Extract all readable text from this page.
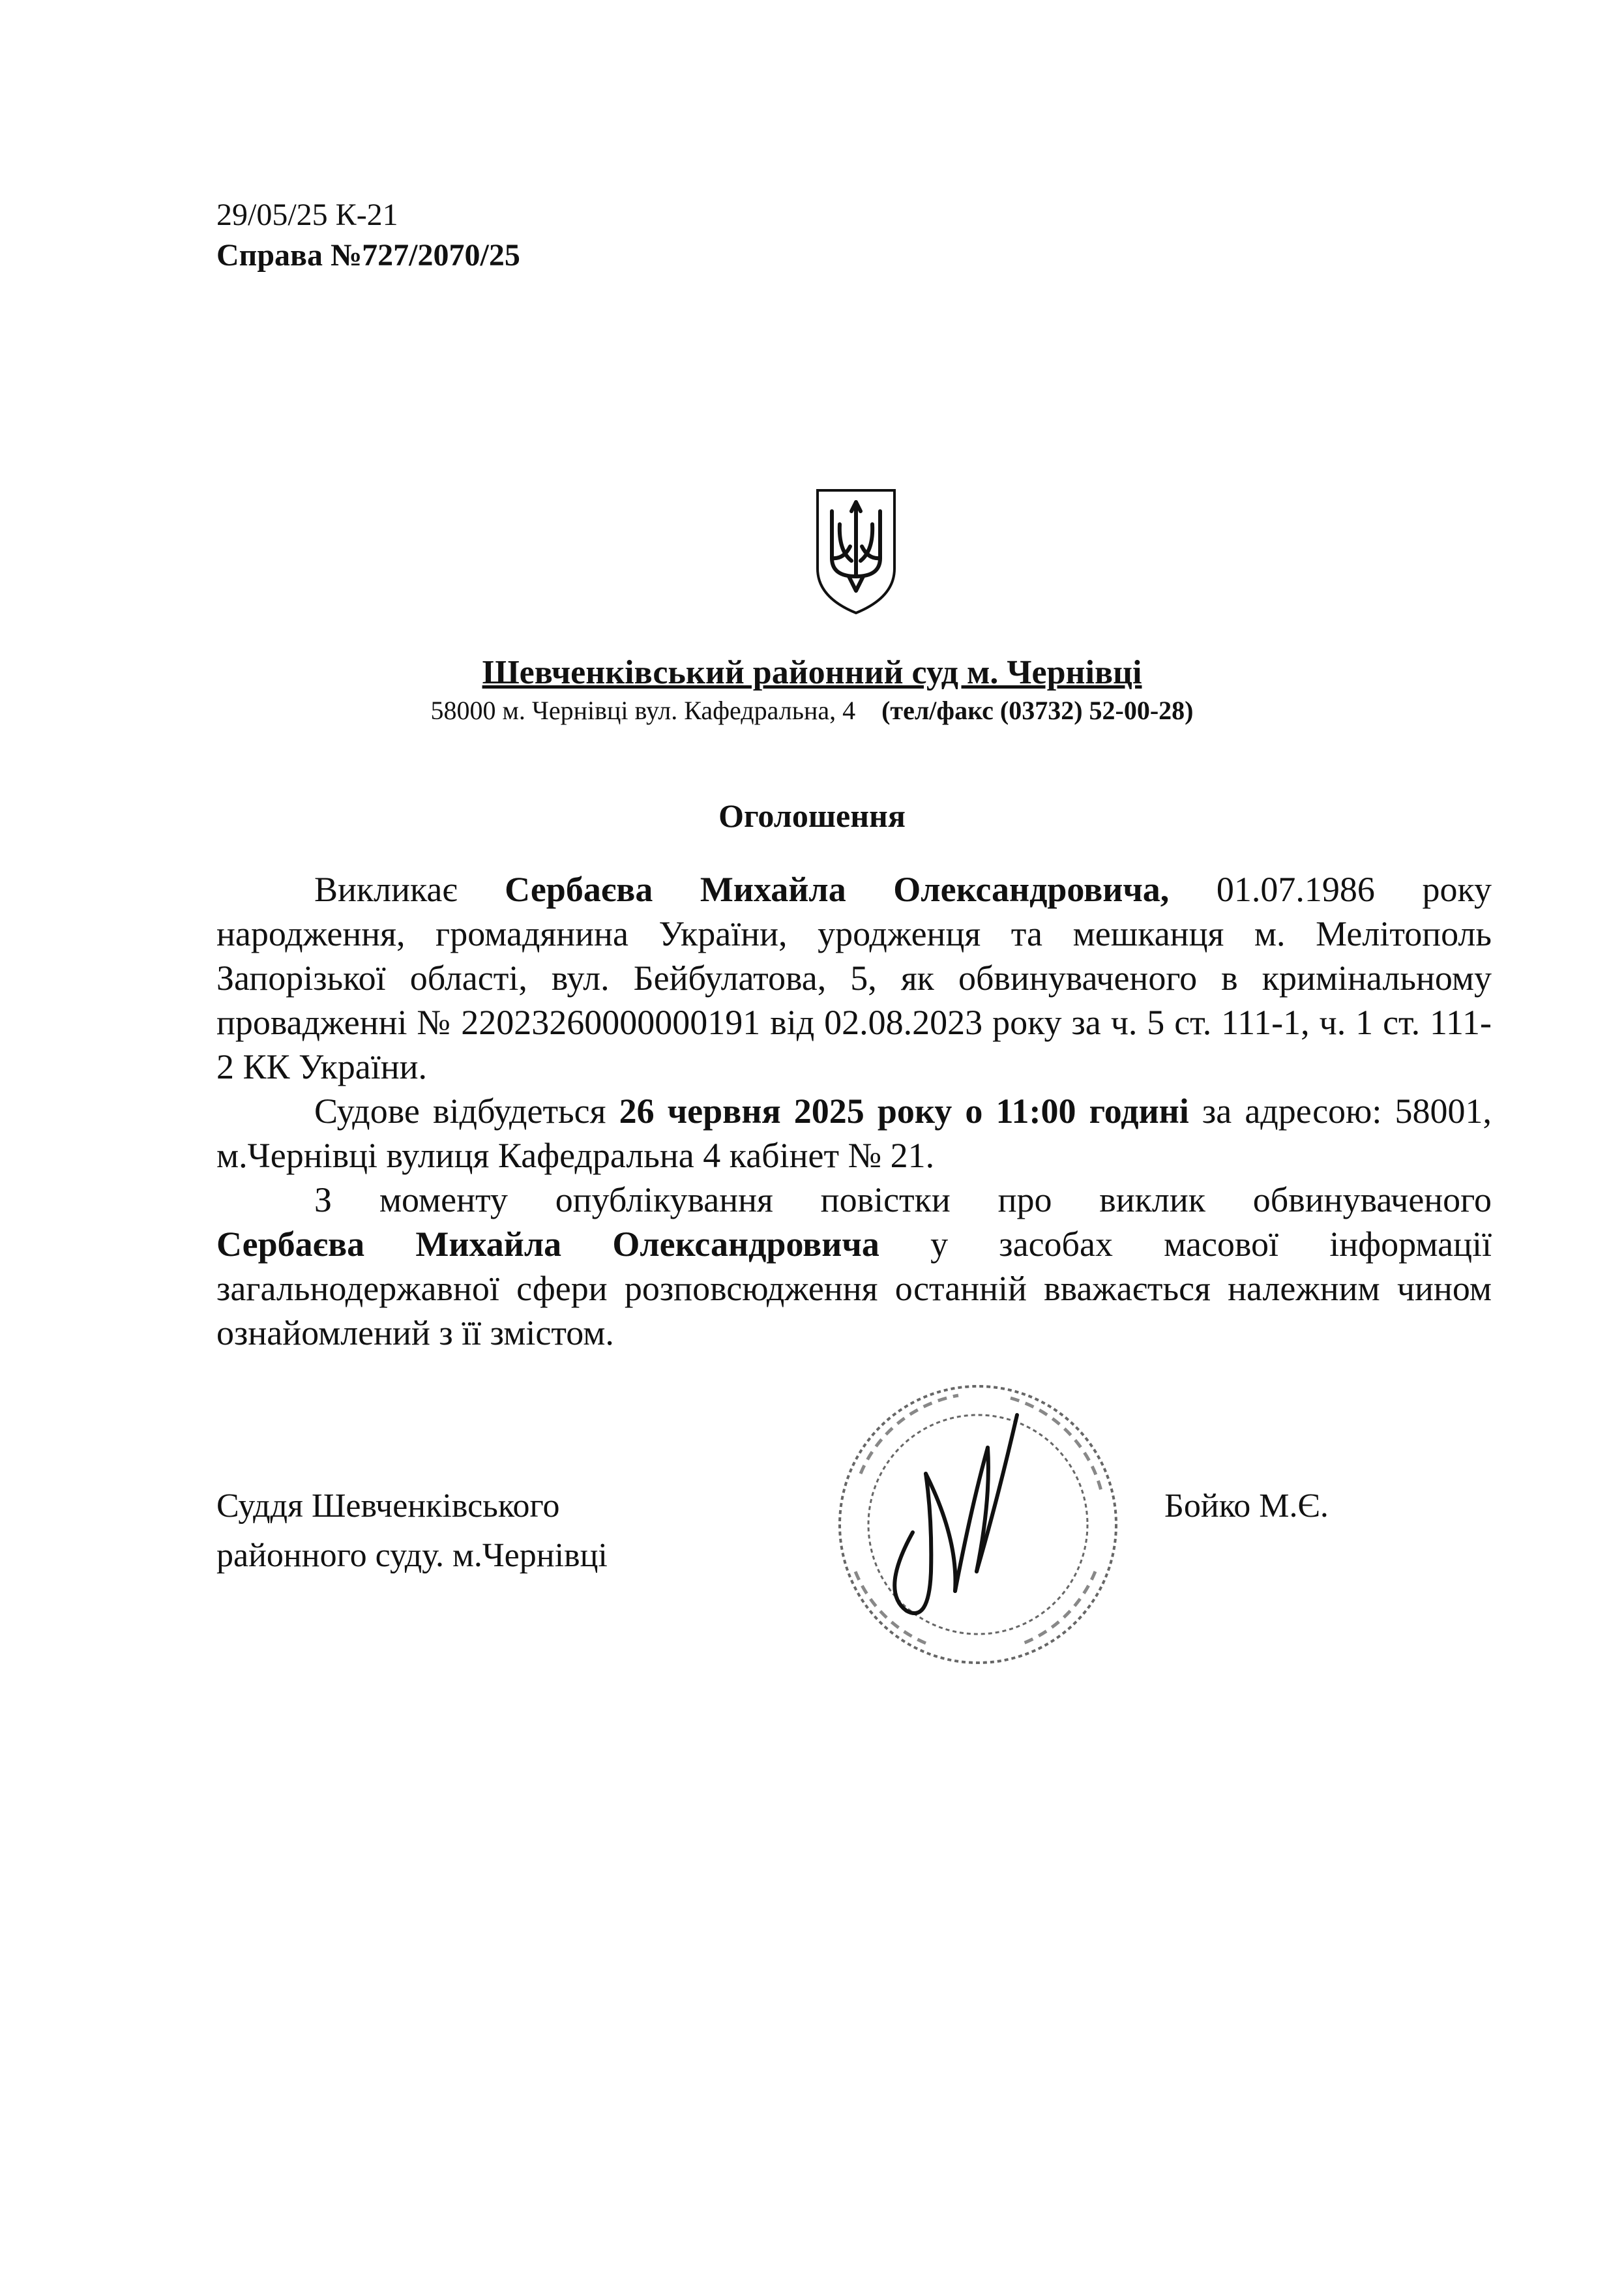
29/05/25 К-21
Справа №727/2070/25
Шевченківський районний суд м. Чернівці
58000 м. Чернівці вул. Кафедральна, 4 (тел/факс (03732) 52-00-28)
Оголошення

Викликає Сербаєва Михайла Олександровича, 01.07.1986 року народження, громадянина України, уродженця та мешканця м. Мелітополь Запорізької області, вул. Бейбулатова, 5, як обвинуваченого в кримінальному провадженні № 22023260000000191 від 02.08.2023 року за ч. 5 ст. 111-1, ч. 1 ст. 111-2 КК України.

Судове відбудеться 26 червня 2025 року о 11:00 годині за адресою: 58001, м.Чернівці вулиця Кафедральна 4 кабінет № 21.

З моменту опублікування повістки про виклик обвинуваченого Сербаєва Михайла Олександровича у засобах масової інформації загальнодержавної сфери розповсюдження останній вважається належним чином ознайомлений з її змістом.

Суддя Шевченківського
районного суду. м.Чернівці
Бойко М.Є.
